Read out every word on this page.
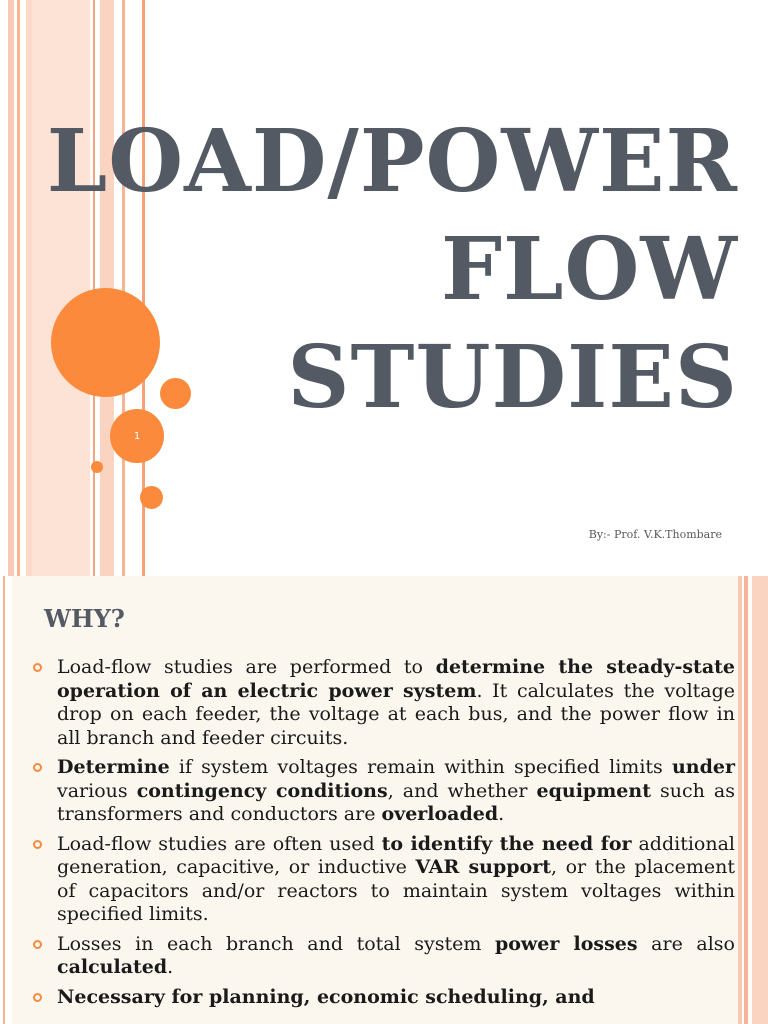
1
LOAD/POWER
FLOW
STUDIES
By:- Prof. V.K.Thombare
WHY?
Load-flow studies are performed to determine the steady-state operation of an electric power system. It calculates the voltage drop on each feeder, the voltage at each bus, and the power flow in all branch and feeder circuits.
Determine if system voltages remain within specified limits under various contingency conditions, and whether equipment such as transformers and conductors are overloaded.
Load-flow studies are often used to identify the need for additional generation, capacitive, or inductive VAR support, or the placement of capacitors and/or reactors to maintain system voltages within specified limits.
Losses in each branch and total system power losses are also calculated.
Necessary for planning, economic scheduling, and
